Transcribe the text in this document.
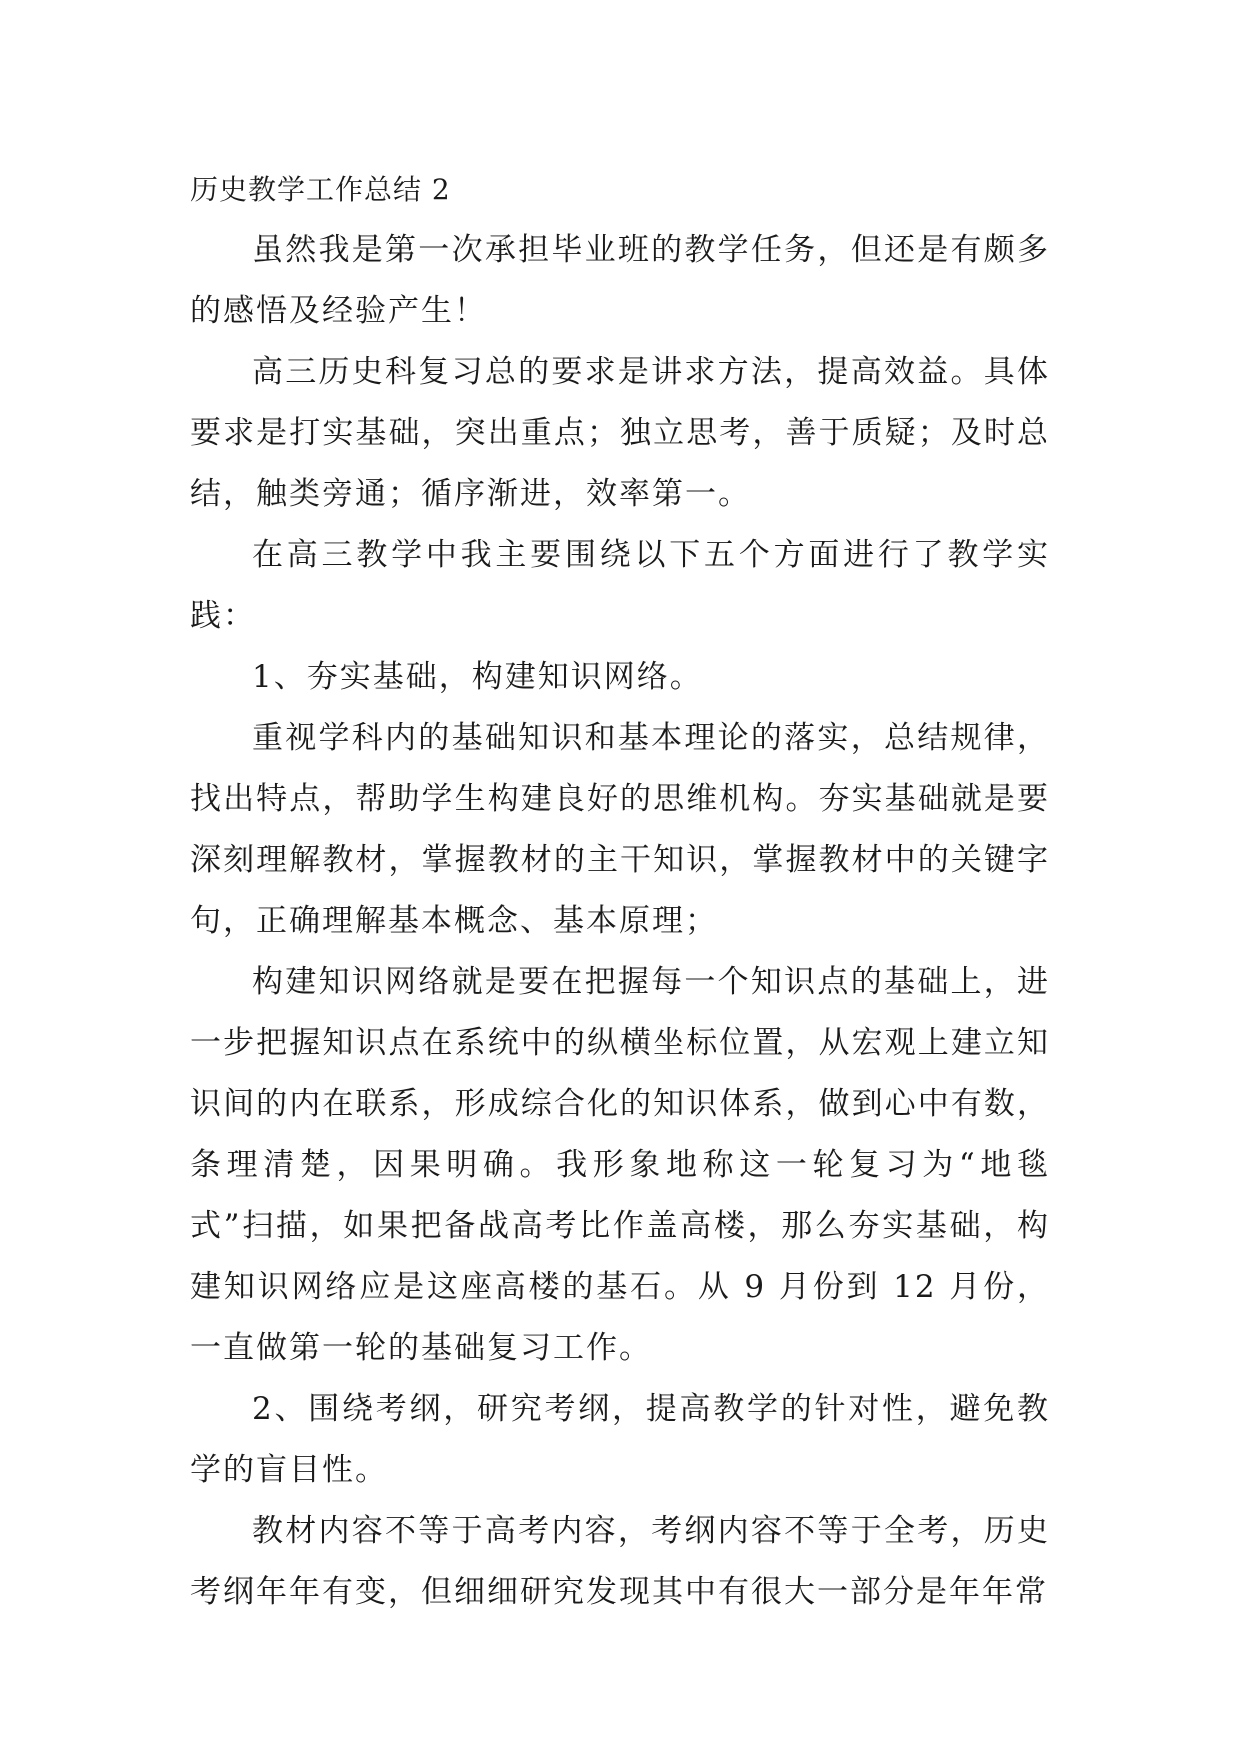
历史教学工作总结 2

虽然我是第一次承担毕业班的教学任务，但还是有颇多的感悟及经验产生！

高三历史科复习总的要求是讲求方法，提高效益。具体要求是打实基础，突出重点；独立思考，善于质疑；及时总结，触类旁通；循序渐进，效率第一。

在高三教学中我主要围绕以下五个方面进行了教学实践：

1、夯实基础，构建知识网络。

重视学科内的基础知识和基本理论的落实，总结规律，找出特点，帮助学生构建良好的思维机构。夯实基础就是要深刻理解教材，掌握教材的主干知识，掌握教材中的关键字句，正确理解基本概念、基本原理；

构建知识网络就是要在把握每一个知识点的基础上，进一步把握知识点在系统中的纵横坐标位置，从宏观上建立知识间的内在联系，形成综合化的知识体系，做到心中有数，条理清楚，因果明确。我形象地称这一轮复习为“地毯式”扫描，如果把备战高考比作盖高楼，那么夯实基础，构建知识网络应是这座高楼的基石。从 9 月份到 12 月份，一直做第一轮的基础复习工作。

2、围绕考纲，研究考纲，提高教学的针对性，避免教学的盲目性。

教材内容不等于高考内容，考纲内容不等于全考，历史考纲年年有变，但细细研究发现其中有很大一部分是年年常
